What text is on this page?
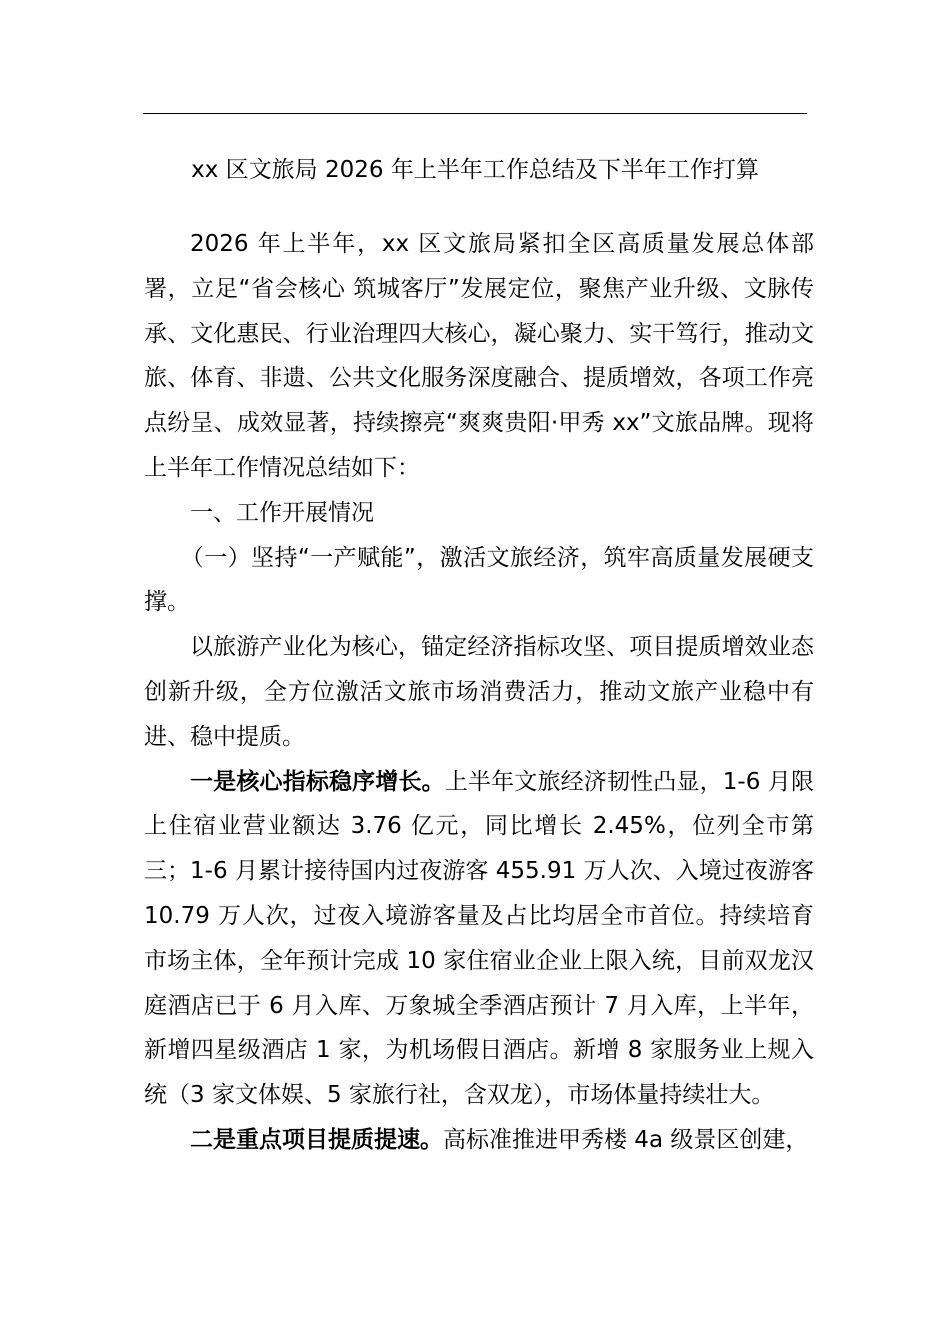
xx 区文旅局 2026 年上半年工作总结及下半年工作打算

2026 年上半年，xx 区文旅局紧扣全区高质量发展总体部署，立足“省会核心 筑城客厅”发展定位，聚焦产业升级、文脉传承、文化惠民、行业治理四大核心，凝心聚力、实干笃行，推动文旅、体育、非遗、公共文化服务深度融合、提质增效，各项工作亮点纷呈、成效显著，持续擦亮“爽爽贵阳·甲秀 xx”文旅品牌。现将上半年工作情况总结如下：

一、工作开展情况

（一）坚持“一产赋能”，激活文旅经济，筑牢高质量发展硬支撑。

以旅游产业化为核心，锚定经济指标攻坚、项目提质增效业态创新升级，全方位激活文旅市场消费活力，推动文旅产业稳中有进、稳中提质。

一是核心指标稳序增长。上半年文旅经济韧性凸显，1-6 月限上住宿业营业额达 3.76 亿元，同比增长 2.45%，位列全市第三；1-6 月累计接待国内过夜游客 455.91 万人次、入境过夜游客 10.79 万人次，过夜入境游客量及占比均居全市首位。持续培育市场主体，全年预计完成 10 家住宿业企业上限入统，目前双龙汉庭酒店已于 6 月入库、万象城全季酒店预计 7 月入库，上半年，新增四星级酒店 1 家，为机场假日酒店。新增 8 家服务业上规入统（3 家文体娱、5 家旅行社，含双龙），市场体量持续壮大。

二是重点项目提质提速。高标准推进甲秀楼 4a 级景区创建，
